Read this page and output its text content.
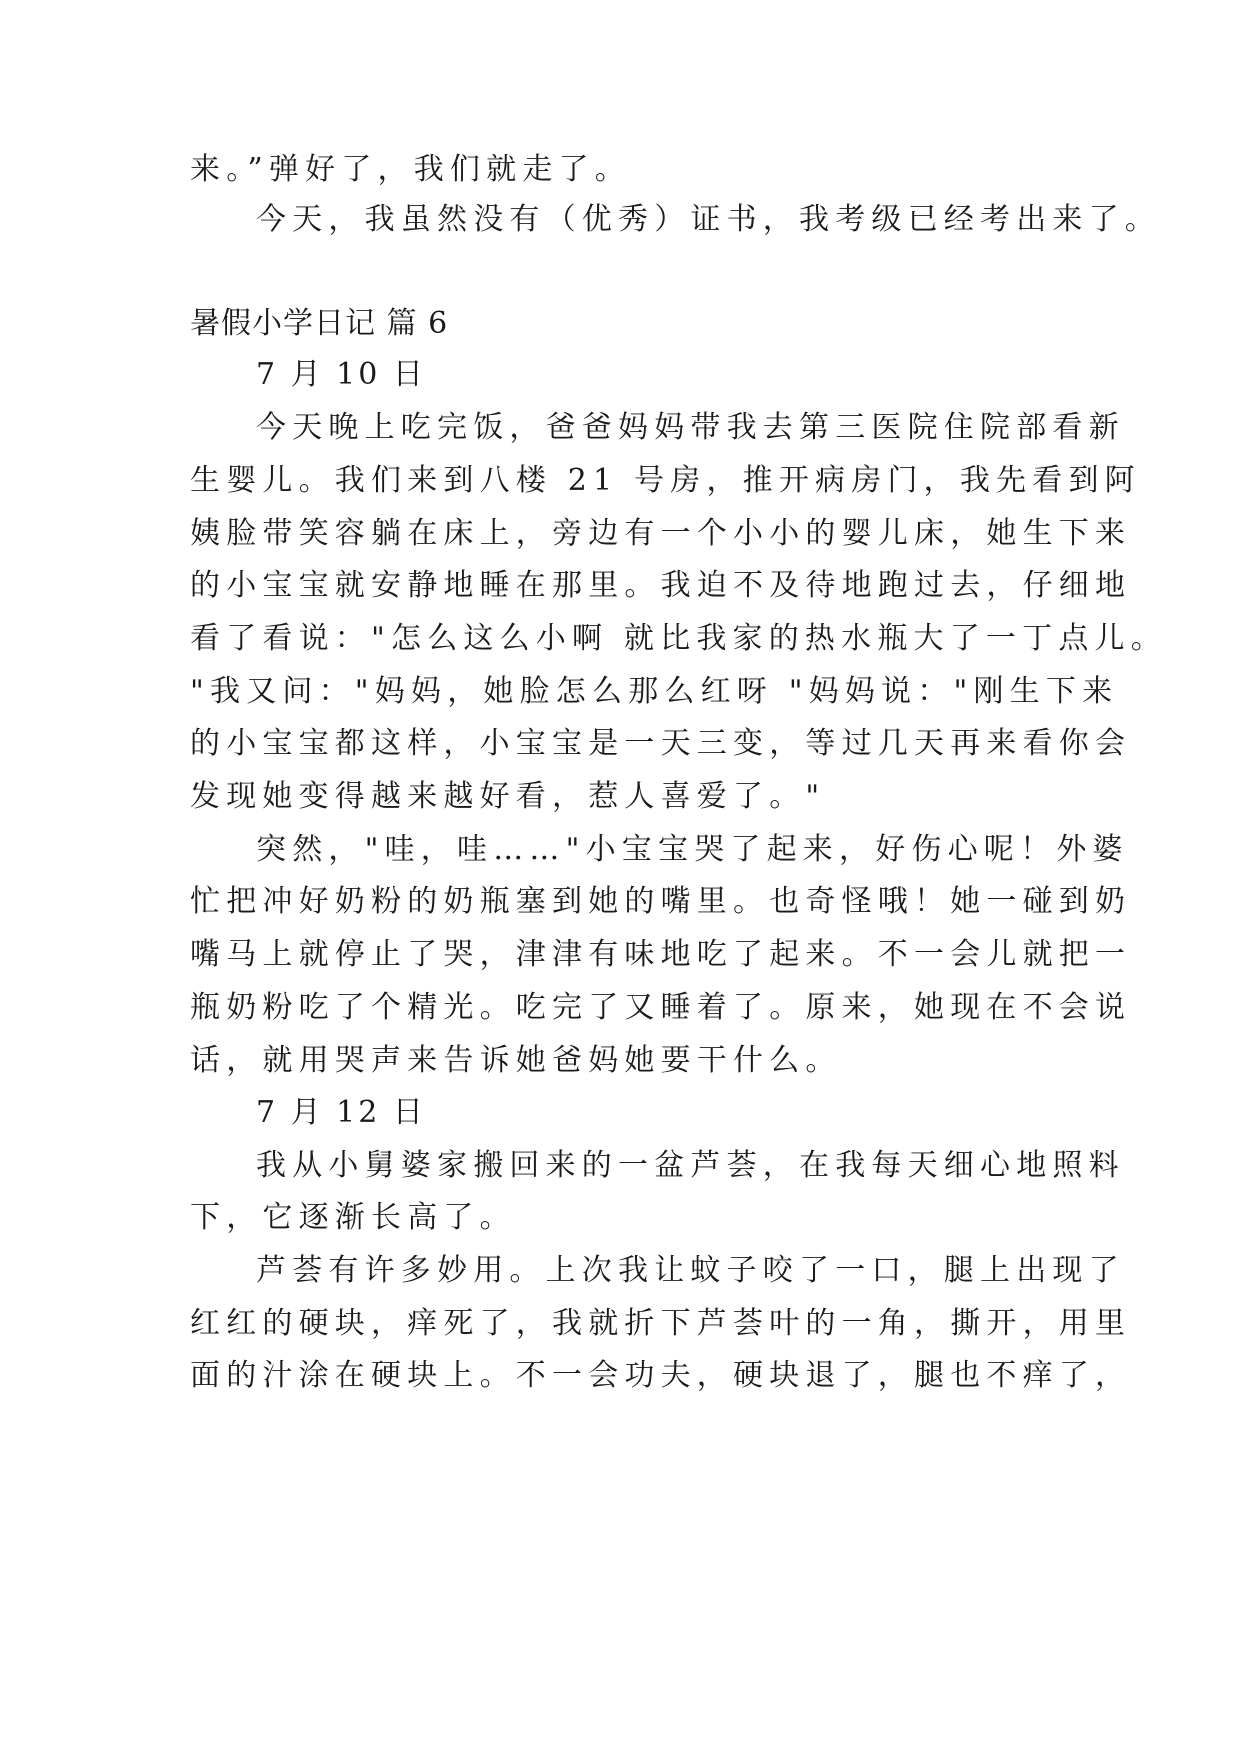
来。”弹好了，我们就走了。
今天，我虽然没有（优秀）证书，我考级已经考出来了。
暑假小学日记 篇 6
7 月 10 日
今天晚上吃完饭，爸爸妈妈带我去第三医院住院部看新
生婴儿。我们来到八楼 21 号房，推开病房门，我先看到阿
姨脸带笑容躺在床上，旁边有一个小小的婴儿床，她生下来
的小宝宝就安静地睡在那里。我迫不及待地跑过去，仔细地
看了看说："怎么这么小啊 就比我家的热水瓶大了一丁点儿。
"我又问："妈妈，她脸怎么那么红呀 "妈妈说："刚生下来
的小宝宝都这样，小宝宝是一天三变，等过几天再来看你会
发现她变得越来越好看，惹人喜爱了。"
突然，"哇，哇……"小宝宝哭了起来，好伤心呢！外婆
忙把冲好奶粉的奶瓶塞到她的嘴里。也奇怪哦！她一碰到奶
嘴马上就停止了哭，津津有味地吃了起来。不一会儿就把一
瓶奶粉吃了个精光。吃完了又睡着了。原来，她现在不会说
话，就用哭声来告诉她爸妈她要干什么。
7 月 12 日
我从小舅婆家搬回来的一盆芦荟，在我每天细心地照料
下，它逐渐长高了。
芦荟有许多妙用。上次我让蚊子咬了一口，腿上出现了
红红的硬块，痒死了，我就折下芦荟叶的一角，撕开，用里
面的汁涂在硬块上。不一会功夫，硬块退了，腿也不痒了，
